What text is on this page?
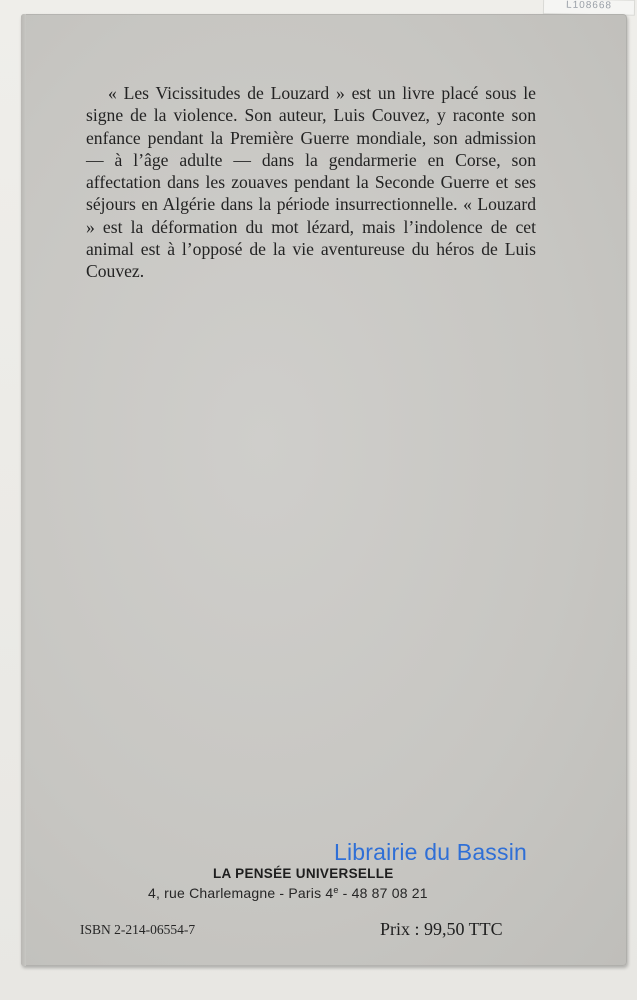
L108668

« Les Vicissitudes de Louzard » est un livre placé sous le signe de la violence. Son auteur, Luis Couvez, y raconte son enfance pendant la Première Guerre mondiale, son admission — à l’âge adulte — dans la gendarmerie en Corse, son affectation dans les zouaves pendant la Seconde Guerre et ses séjours en Algérie dans la période insurrectionnelle. « Louzard » est la déformation du mot lézard, mais l’indolence de cet animal est à l’opposé de la vie aventureuse du héros de Luis Couvez.

Librairie du Bassin
LA PENSÉE UNIVERSELLE
4, rue Charlemagne - Paris 4e - 48 87 08 21
ISBN 2-214-06554-7	Prix : 99,50 TTC
